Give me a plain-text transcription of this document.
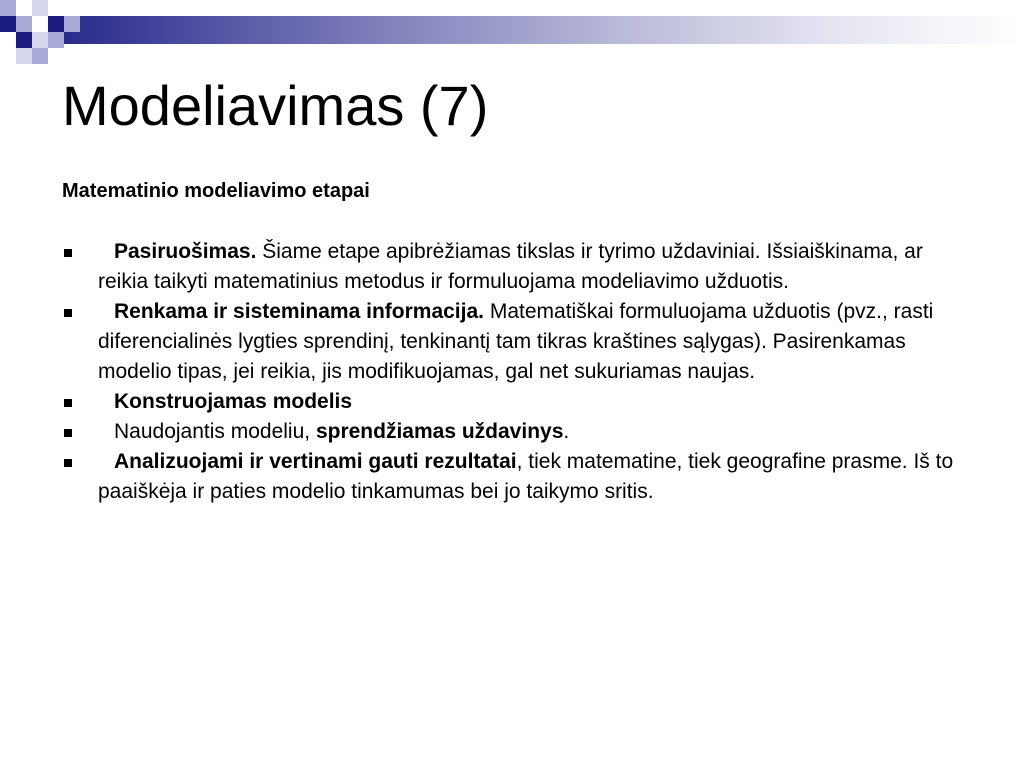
Modeliavimas (7)
Matematinio modeliavimo etapai
Pasiruošimas. Šiame etape apibrėžiamas tikslas ir tyrimo uždaviniai. Išsiaiškinama, ar reikia taikyti matematinius metodus ir formuluojama modeliavimo užduotis.
Renkama ir sisteminama informacija. Matematiškai formuluojama užduotis (pvz., rasti diferencialinės lygties sprendinį, tenkinantį tam tikras kraštines sąlygas). Pasirenkamas modelio tipas, jei reikia, jis modifikuojamas, gal net sukuriamas naujas.
Konstruojamas modelis
Naudojantis modeliu, sprendžiamas uždavinys.
Analizuojami ir vertinami gauti rezultatai, tiek matematine, tiek geografine prasme. Iš to paaiškėja ir paties modelio tinkamumas bei jo taikymo sritis.
